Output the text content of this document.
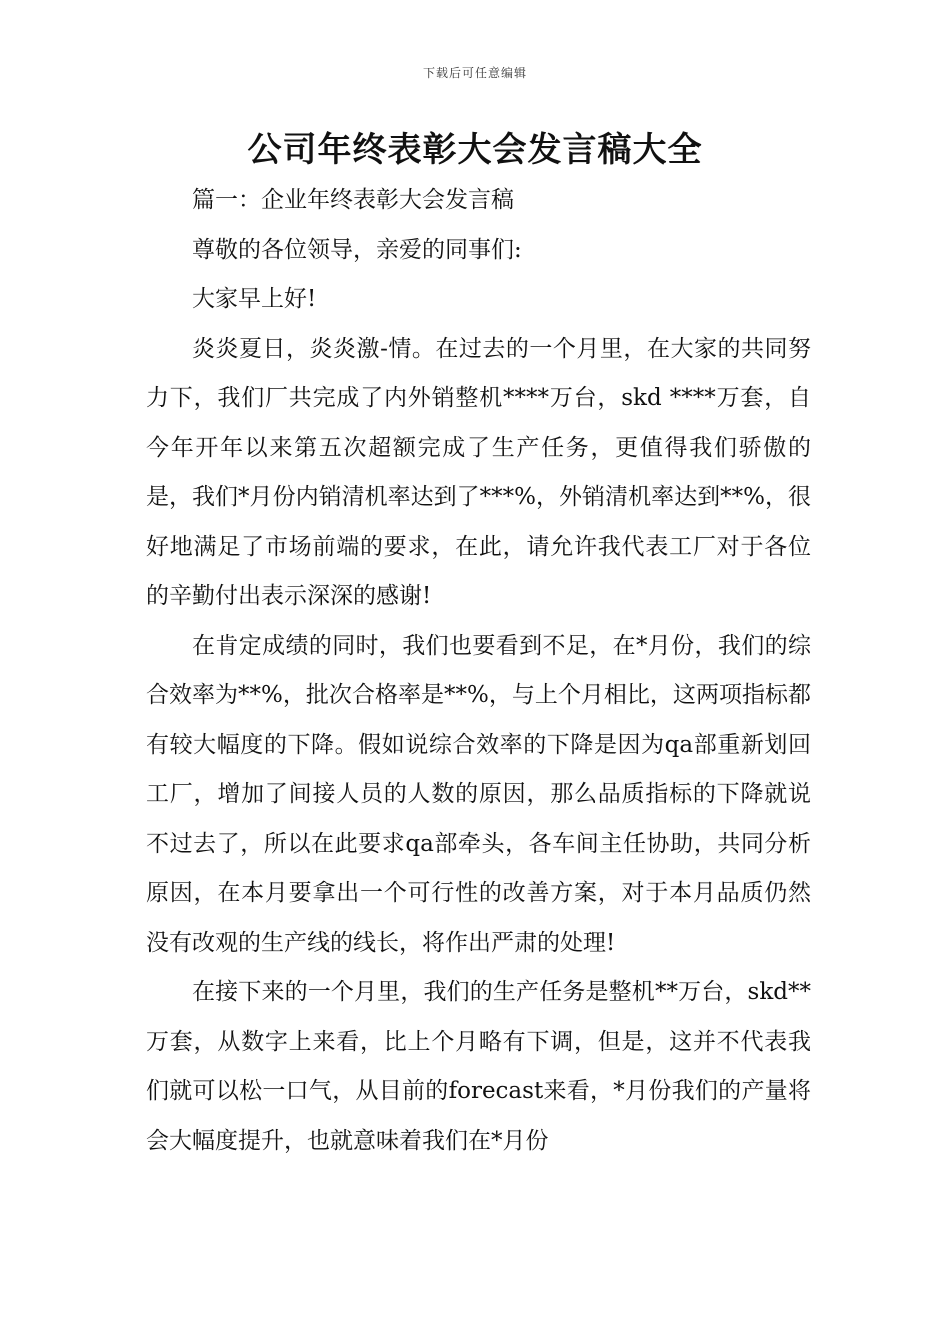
下载后可任意编辑
公司年终表彰大会发言稿大全

篇一：企业年终表彰大会发言稿

尊敬的各位领导，亲爱的同事们:

大家早上好!

炎炎夏日，炎炎激-情。在过去的一个月里，在大家的共同努力下，我们厂共完成了内外销整机****万台，skd ****万套，自今年开年以来第五次超额完成了生产任务，更值得我们骄傲的是，我们*月份内销清机率达到了***%，外销清机率达到**%，很好地满足了市场前端的要求，在此，请允许我代表工厂对于各位的辛勤付出表示深深的感谢!

在肯定成绩的同时，我们也要看到不足，在*月份，我们的综合效率为**%，批次合格率是**%，与上个月相比，这两项指标都有较大幅度的下降。假如说综合效率的下降是因为qa部重新划回工厂，增加了间接人员的人数的原因，那么品质指标的下降就说不过去了，所以在此要求qa部牵头，各车间主任协助，共同分析原因，在本月要拿出一个可行性的改善方案，对于本月品质仍然没有改观的生产线的线长，将作出严肃的处理!

在接下来的一个月里，我们的生产任务是整机**万台，skd**万套，从数字上来看，比上个月略有下调，但是，这并不代表我们就可以松一口气，从目前的forecast来看，*月份我们的产量将会大幅度提升，也就意味着我们在*月份
